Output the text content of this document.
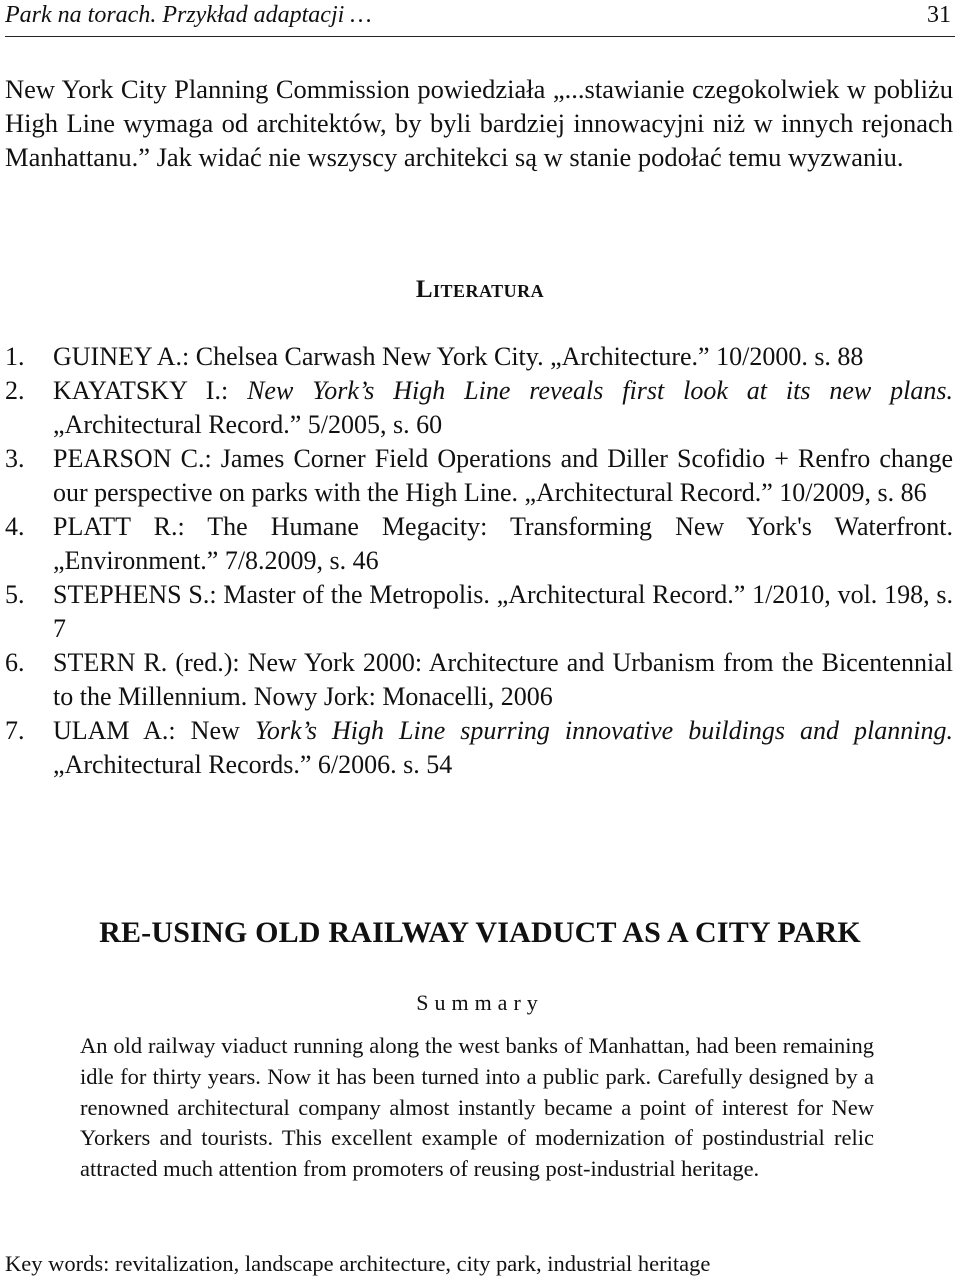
Park na torach. Przykład adaptacji …	31

New York City Planning Commission powiedziała „...stawianie czegokolwiek w pobliżu High Line wymaga od architektów, by byli bardziej innowacyjni niż w innych rejonach Manhattanu.” Jak widać nie wszyscy architekci są w stanie podołać temu wyzwaniu.

Literatura
1. GUINEY A.: Chelsea Carwash New York City. „Architecture.” 10/2000. s. 88
2. KAYATSKY I.: New York’s High Line reveals first look at its new plans. „Architectural Record.” 5/2005, s. 60
3. PEARSON C.: James Corner Field Operations and Diller Scofidio + Renfro change our perspective on parks with the High Line. „Architectural Record.” 10/2009, s. 86
4. PLATT R.: The Humane Megacity: Transforming New York's Waterfront. „Environment.” 7/8.2009, s. 46
5. STEPHENS S.: Master of the Metropolis. „Architectural Record.” 1/2010, vol. 198, s. 7
6. STERN R. (red.): New York 2000: Architecture and Urbanism from the Bicentennial to the Millennium. Nowy Jork: Monacelli, 2006
7. ULAM A.: New York’s High Line spurring innovative buildings and planning. „Architectural Records.” 6/2006. s. 54
RE-USING OLD RAILWAY VIADUCT AS A CITY PARK
Summary

An old railway viaduct running along the west banks of Manhattan, had been remaining idle for thirty years. Now it has been turned into a public park. Carefully designed by a renowned architectural company almost instantly became a point of interest for New Yorkers and tourists. This excellent example of modernization of postindustrial relic attracted much attention from promoters of reusing post-industrial heritage.

Key words: revitalization, landscape architecture, city park, industrial heritage
